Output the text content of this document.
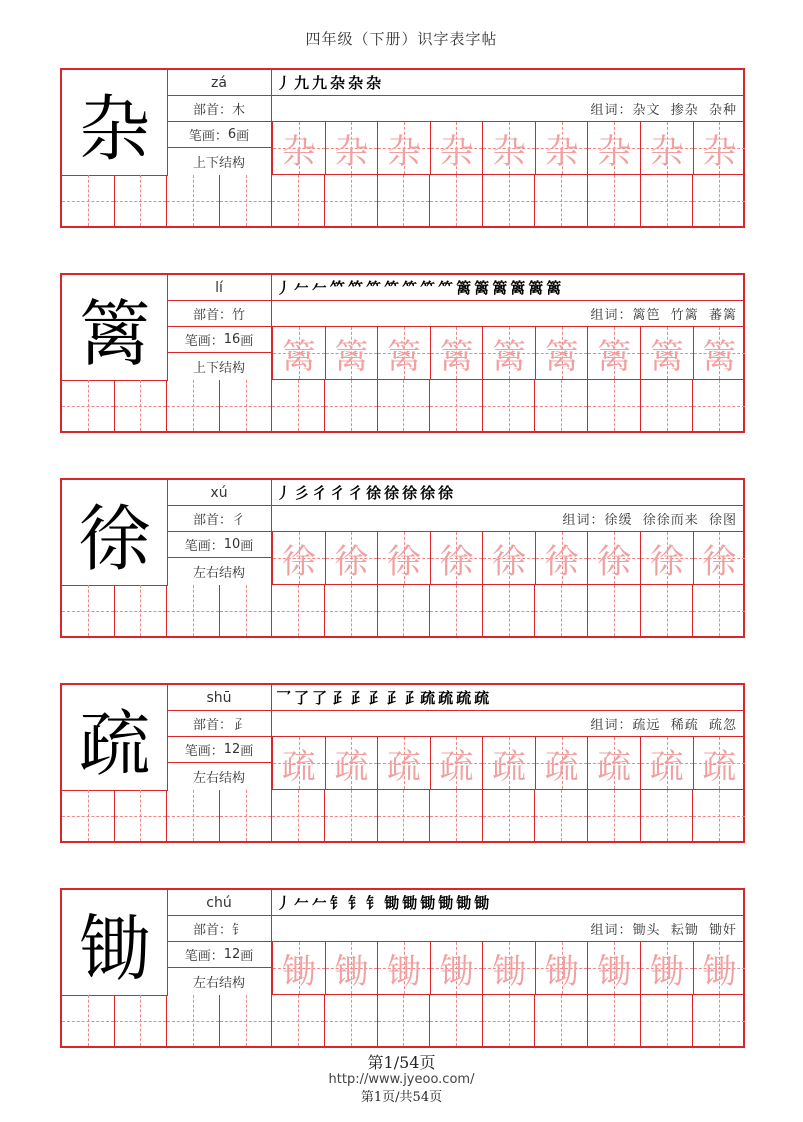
四年级（下册）识字表字帖
杂
zá
部首： 木
笔画： 6 画
上下结构
丿 九 九 杂 杂 杂
组词： 杂文  掺杂  杂种
杂 杂 杂 杂 杂 杂 杂 杂 杂
篱
lí
部首： 竹
笔画： 16 画
上下结构
丿 𠂉 𠂉 𥫗 𥫗 ⺮ ⺮ ⺮ ⺮ ⺮ 篱 篱 篱 篱 篱 篱
组词： 篱笆  竹篱  蕃篱
篱 篱 篱 篱 篱 篱 篱 篱 篱
徐
xú
部首： 彳
笔画： 10 画
左右结构
丿 彡 彳 彳 彳 徐 徐 徐 徐 徐
组词： 徐缓  徐徐而来  徐图
徐 徐 徐 徐 徐 徐 徐 徐 徐
疏
shū
部首： 𤴔
笔画： 12 画
左右结构
乛 了 了 𤴔 𤴔 𤴔 𤴔 𤴔 疏 疏 疏 疏
组词： 疏远  稀疏  疏忽
疏 疏 疏 疏 疏 疏 疏 疏 疏
锄
chú
部首： 钅
笔画： 12 画
左右结构
丿 𠂉 𠂉 钅 钅 钅 锄 锄 锄 锄 锄 锄
组词： 锄头  耘锄  锄奸
锄 锄 锄 锄 锄 锄 锄 锄 锄
第1/54页
http://www.jyeoo.com/
第1页/共54页
